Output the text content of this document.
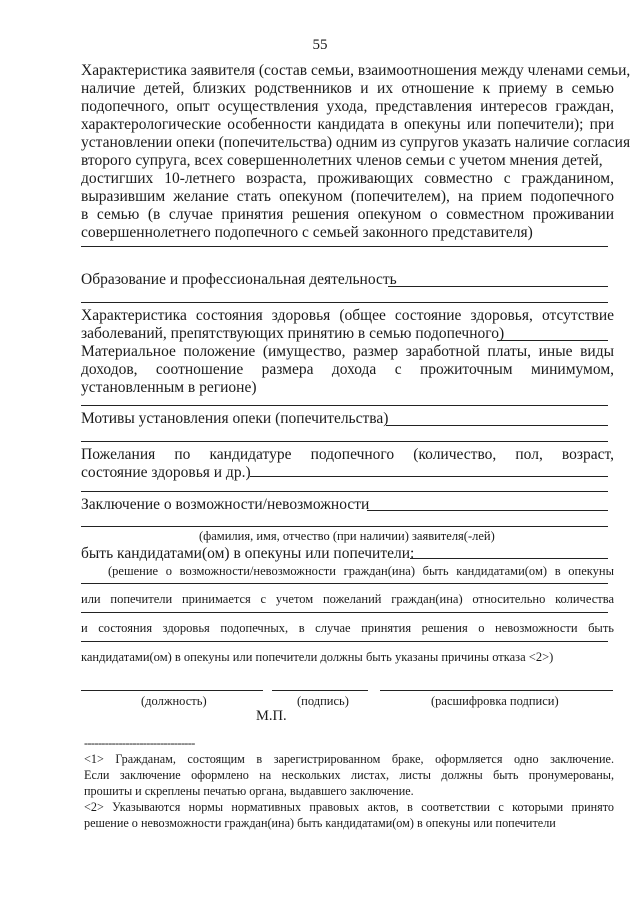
55
Характеристика заявителя (состав семьи, взаимоотношения между членами семьи,
наличие детей, близких родственников и их отношение к приему в семью
подопечного, опыт осуществления ухода, представления интересов граждан,
характерологические особенности кандидата в опекуны или попечители); при
установлении опеки (попечительства) одним из супругов указать наличие согласия
второго супруга, всех совершеннолетних членов семьи с учетом мнения детей,
достигших 10-летнего возраста, проживающих совместно с гражданином,
выразившим желание стать опекуном (попечителем), на прием подопечного
в семью (в случае принятия решения опекуном о совместном проживании
совершеннолетнего подопечного с семьей законного представителя)
Образование и профессиональная деятельность
Характеристика состояния здоровья (общее состояние здоровья, отсутствие
заболеваний, препятствующих принятию в семью подопечного)
Материальное положение (имущество, размер заработной платы, иные виды
доходов, соотношение размера дохода с прожиточным минимумом,
установленным в регионе)
Мотивы установления опеки (попечительства)
Пожелания по кандидатуре подопечного (количество, пол, возраст,
состояние здоровья и др.)
Заключение о возможности/невозможности
(фамилия, имя, отчество (при наличии) заявителя(-лей)
быть кандидатами(ом) в опекуны или попечители:
(решение о возможности/невозможности граждан(ина) быть кандидатами(ом) в опекуны
или попечители принимается с учетом пожеланий граждан(ина) относительно количества
и состояния здоровья подопечных, в случае принятия решения о невозможности быть
кандидатами(ом) в опекуны или попечители должны быть указаны причины отказа <2>)
(должность)	(подпись)	(расшифровка подписи)
М.П.
--------------------------------
<1> Гражданам, состоящим в зарегистрированном браке, оформляется одно заключение.
Если заключение оформлено на нескольких листах, листы должны быть пронумерованы,
прошиты и скреплены печатью органа, выдавшего заключение.
<2> Указываются нормы нормативных правовых актов, в соответствии с которыми принято
решение о невозможности граждан(ина) быть кандидатами(ом) в опекуны или попечители
